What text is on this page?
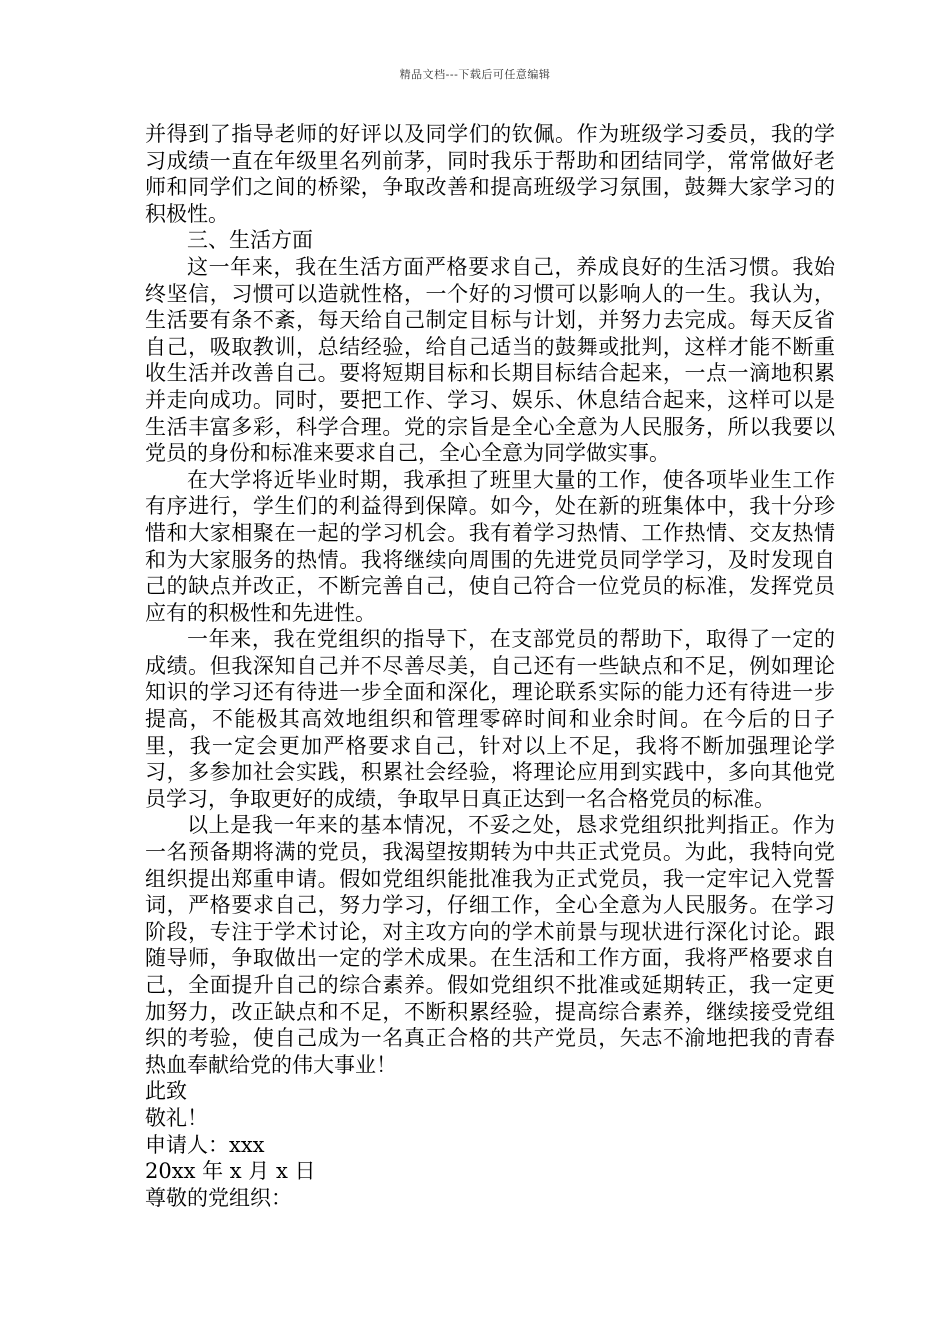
精品文档---下载后可任意编辑

并得到了指导老师的好评以及同学们的钦佩。作为班级学习委员，我的学习成绩一直在年级里名列前茅，同时我乐于帮助和团结同学，常常做好老师和同学们之间的桥梁，争取改善和提高班级学习氛围，鼓舞大家学习的积极性。

三、生活方面

这一年来，我在生活方面严格要求自己，养成良好的生活习惯。我始终坚信，习惯可以造就性格，一个好的习惯可以影响人的一生。我认为，生活要有条不紊，每天给自己制定目标与计划，并努力去完成。每天反省自己，吸取教训，总结经验，给自己适当的鼓舞或批判，这样才能不断重收生活并改善自己。要将短期目标和长期目标结合起来，一点一滴地积累并走向成功。同时，要把工作、学习、娱乐、休息结合起来，这样可以是生活丰富多彩，科学合理。党的宗旨是全心全意为人民服务，所以我要以党员的身份和标准来要求自己，全心全意为同学做实事。

在大学将近毕业时期，我承担了班里大量的工作，使各项毕业生工作有序进行，学生们的利益得到保障。如今，处在新的班集体中，我十分珍惜和大家相聚在一起的学习机会。我有着学习热情、工作热情、交友热情和为大家服务的热情。我将继续向周围的先进党员同学学习，及时发现自己的缺点并改正，不断完善自己，使自己符合一位党员的标准，发挥党员应有的积极性和先进性。

一年来，我在党组织的指导下，在支部党员的帮助下，取得了一定的成绩。但我深知自己并不尽善尽美，自己还有一些缺点和不足，例如理论知识的学习还有待进一步全面和深化，理论联系实际的能力还有待进一步提高，不能极其高效地组织和管理零碎时间和业余时间。在今后的日子里，我一定会更加严格要求自己，针对以上不足，我将不断加强理论学习，多参加社会实践，积累社会经验，将理论应用到实践中，多向其他党员学习，争取更好的成绩，争取早日真正达到一名合格党员的标准。

以上是我一年来的基本情况，不妥之处，恳求党组织批判指正。作为一名预备期将满的党员，我渴望按期转为中共正式党员。为此，我特向党组织提出郑重申请。假如党组织能批准我为正式党员，我一定牢记入党誓词，严格要求自己，努力学习，仔细工作，全心全意为人民服务。在学习阶段，专注于学术讨论，对主攻方向的学术前景与现状进行深化讨论。跟随导师，争取做出一定的学术成果。在生活和工作方面，我将严格要求自己，全面提升自己的综合素养。假如党组织不批准或延期转正，我一定更加努力，改正缺点和不足，不断积累经验，提高综合素养，继续接受党组织的考验，使自己成为一名真正合格的共产党员，矢志不渝地把我的青春热血奉献给党的伟大事业！

此致

敬礼！

申请人：xxx

20xx 年 x 月 x 日

尊敬的党组织：
